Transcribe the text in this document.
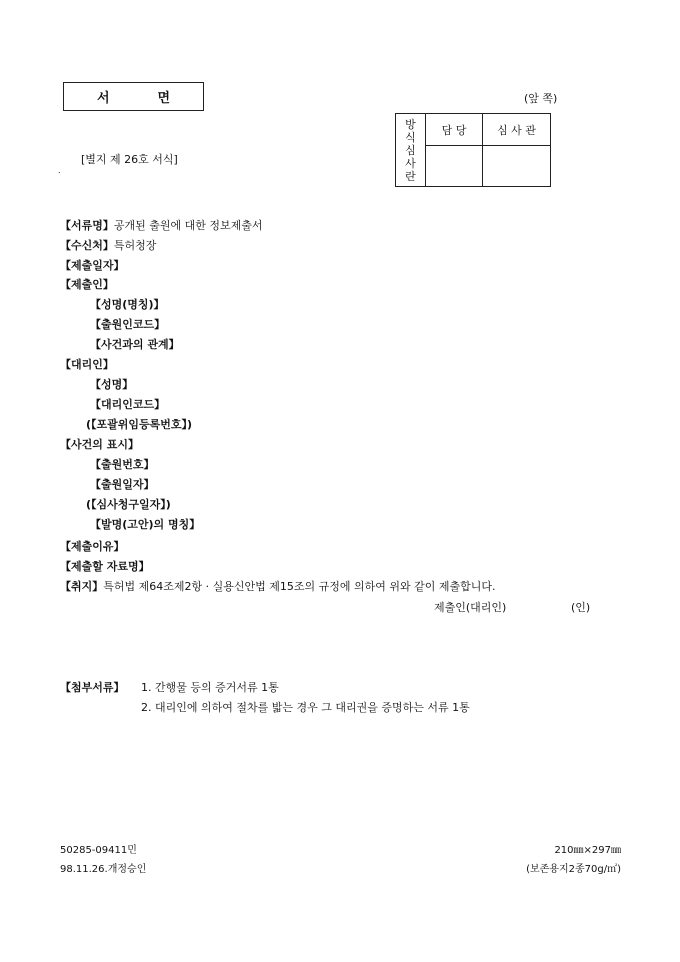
서면	(앞 쪽)
[별지 제 26호 서식]
.
방
식
심
사
란	담 당	심 사 관

【서류명】공개된 출원에 대한 정보제출서
【수신처】특허청장
【제출일자】
【제출인】
【성명(명칭)】
【출원인코드】
【사건과의 관계】
【대리인】
【성명】
【대리인코드】
(【포괄위임등록번호】)
【사건의 표시】
【출원번호】
【출원일자】
(【심사청구일자】)
【발명(고안)의 명칭】
【제출이유】
【제출할 자료명】
【취지】특허법 제64조제2항 · 실용신안법 제15조의 규정에 의하여 위와 같이 제출합니다.
제출인(대리인)	(인)
【첨부서류】 1. 간행물 등의 증거서류 1통
2. 대리인에 의하여 절차를 밟는 경우 그 대리권을 증명하는 서류 1통
50285-09411민
98.11.26.개정승인
210㎜×297㎜
(보존용지2종70g/㎡)
